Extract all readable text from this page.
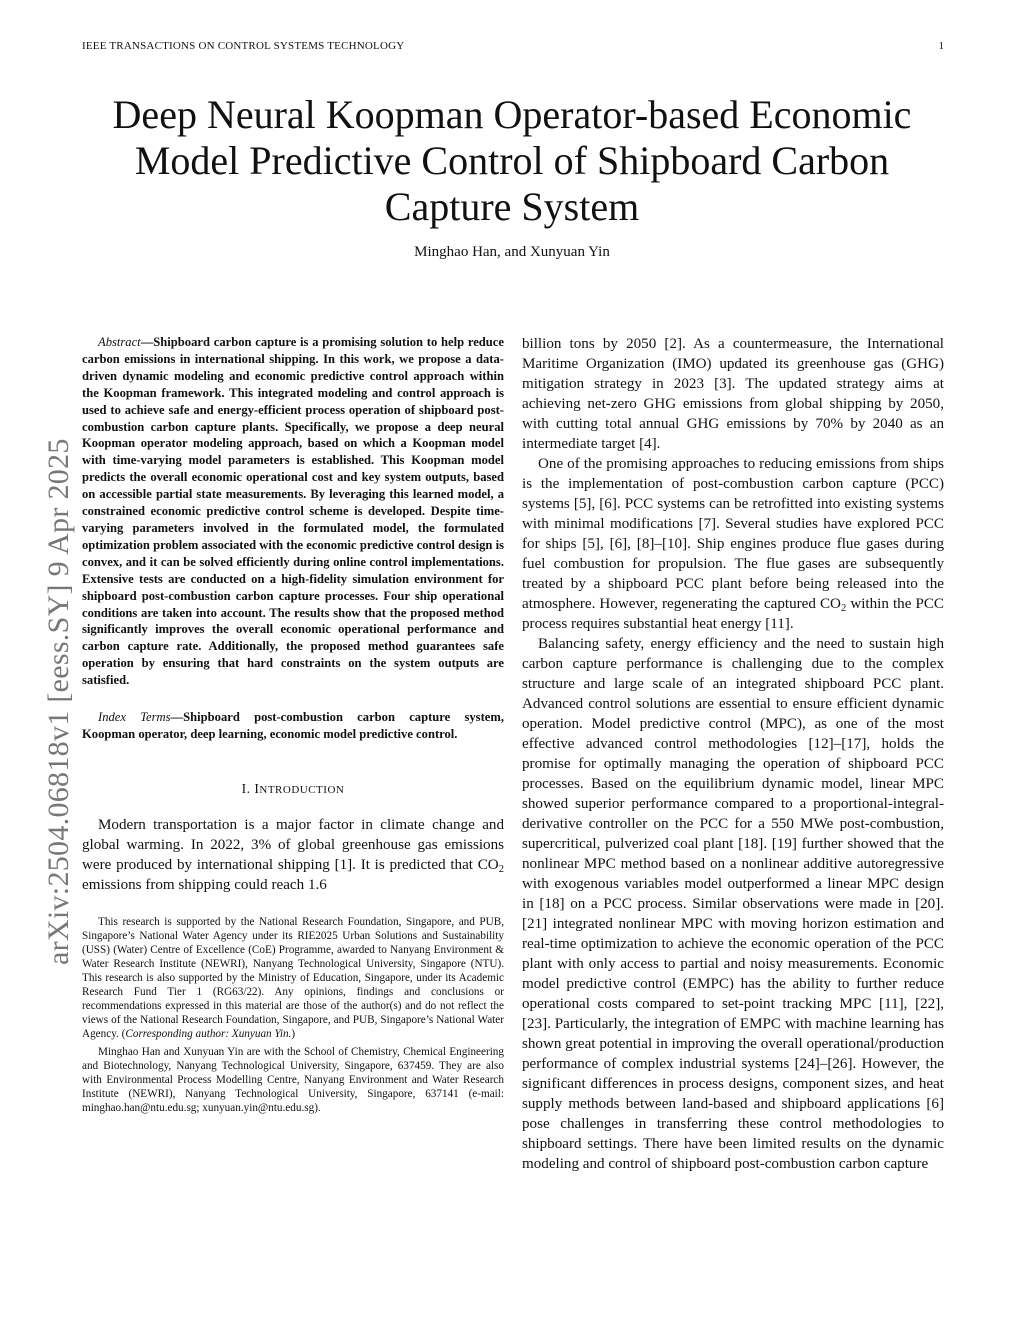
IEEE TRANSACTIONS ON CONTROL SYSTEMS TECHNOLOGY	1
arXiv:2504.06818v1 [eess.SY] 9 Apr 2025
Deep Neural Koopman Operator-based Economic Model Predictive Control of Shipboard Carbon Capture System
Minghao Han, and Xunyuan Yin

Abstract—Shipboard carbon capture is a promising solution to help reduce carbon emissions in international shipping. In this work, we propose a data-driven dynamic modeling and economic predictive control approach within the Koopman framework. This integrated modeling and control approach is used to achieve safe and energy-efficient process operation of shipboard post-combustion carbon capture plants. Specifically, we propose a deep neural Koopman operator modeling approach, based on which a Koopman model with time-varying model parameters is established. This Koopman model predicts the overall economic operational cost and key system outputs, based on accessible partial state measurements. By leveraging this learned model, a constrained economic predictive control scheme is developed. Despite time-varying parameters involved in the formulated model, the formulated optimization problem associated with the economic predictive control design is convex, and it can be solved efficiently during online control implementations. Extensive tests are conducted on a high-fidelity simulation environment for shipboard post-combustion carbon capture processes. Four ship operational conditions are taken into account. The results show that the proposed method significantly improves the overall economic operational performance and carbon capture rate. Additionally, the proposed method guarantees safe operation by ensuring that hard constraints on the system outputs are satisfied.

Index Terms—Shipboard post-combustion carbon capture system, Koopman operator, deep learning, economic model predictive control.

I. INTRODUCTION

Modern transportation is a major factor in climate change and global warming. In 2022, 3% of global greenhouse gas emissions were produced by international shipping [1]. It is predicted that $CO_2$ emissions from shipping could reach 1.6

This research is supported by the National Research Foundation, Singapore, and PUB, Singapore’s National Water Agency under its RIE2025 Urban Solutions and Sustainability (USS) (Water) Centre of Excellence (CoE) Programme, awarded to Nanyang Environment & Water Research Institute (NEWRI), Nanyang Technological University, Singapore (NTU). This research is also supported by the Ministry of Education, Singapore, under its Academic Research Fund Tier 1 (RG63/22). Any opinions, findings and conclusions or recommendations expressed in this material are those of the author(s) and do not reflect the views of the National Research Foundation, Singapore, and PUB, Singapore’s National Water Agency. (Corresponding author: Xunyuan Yin.)

Minghao Han and Xunyuan Yin are with the School of Chemistry, Chemical Engineering and Biotechnology, Nanyang Technological University, Singapore, 637459. They are also with Environmental Process Modelling Centre, Nanyang Environment and Water Research Institute (NEWRI), Nanyang Technological University, Singapore, 637141 (e-mail: minghao.han@ntu.edu.sg; xunyuan.yin@ntu.edu.sg).

billion tons by 2050 [2]. As a countermeasure, the International Maritime Organization (IMO) updated its greenhouse gas (GHG) mitigation strategy in 2023 [3]. The updated strategy aims at achieving net-zero GHG emissions from global shipping by 2050, with cutting total annual GHG emissions by 70% by 2040 as an intermediate target [4].

One of the promising approaches to reducing emissions from ships is the implementation of post-combustion carbon capture (PCC) systems [5], [6]. PCC systems can be retrofitted into existing systems with minimal modifications [7]. Several studies have explored PCC for ships [5], [6], [8]–[10]. Ship engines produce flue gases during fuel combustion for propulsion. The flue gases are subsequently treated by a shipboard PCC plant before being released into the atmosphere. However, regenerating the captured $CO_2$ within the PCC process requires substantial heat energy [11].

Balancing safety, energy efficiency and the need to sustain high carbon capture performance is challenging due to the complex structure and large scale of an integrated shipboard PCC plant. Advanced control solutions are essential to ensure efficient dynamic operation. Model predictive control (MPC), as one of the most effective advanced control methodologies [12]–[17], holds the promise for optimally managing the operation of shipboard PCC processes. Based on the equilibrium dynamic model, linear MPC showed superior performance compared to a proportional-integral-derivative controller on the PCC for a 550 MWe post-combustion, supercritical, pulverized coal plant [18]. [19] further showed that the nonlinear MPC method based on a nonlinear additive autoregressive with exogenous variables model outperformed a linear MPC design in [18] on a PCC process. Similar observations were made in [20]. [21] integrated nonlinear MPC with moving horizon estimation and real-time optimization to achieve the economic operation of the PCC plant with only access to partial and noisy measurements. Economic model predictive control (EMPC) has the ability to further reduce operational costs compared to set-point tracking MPC [11], [22], [23]. Particularly, the integration of EMPC with machine learning has shown great potential in improving the overall operational/production performance of complex industrial systems [24]–[26]. However, the significant differences in process designs, component sizes, and heat supply methods between land-based and shipboard applications [6] pose challenges in transferring these control methodologies to shipboard settings. There have been limited results on the dynamic modeling and control of shipboard post-combustion carbon capture
